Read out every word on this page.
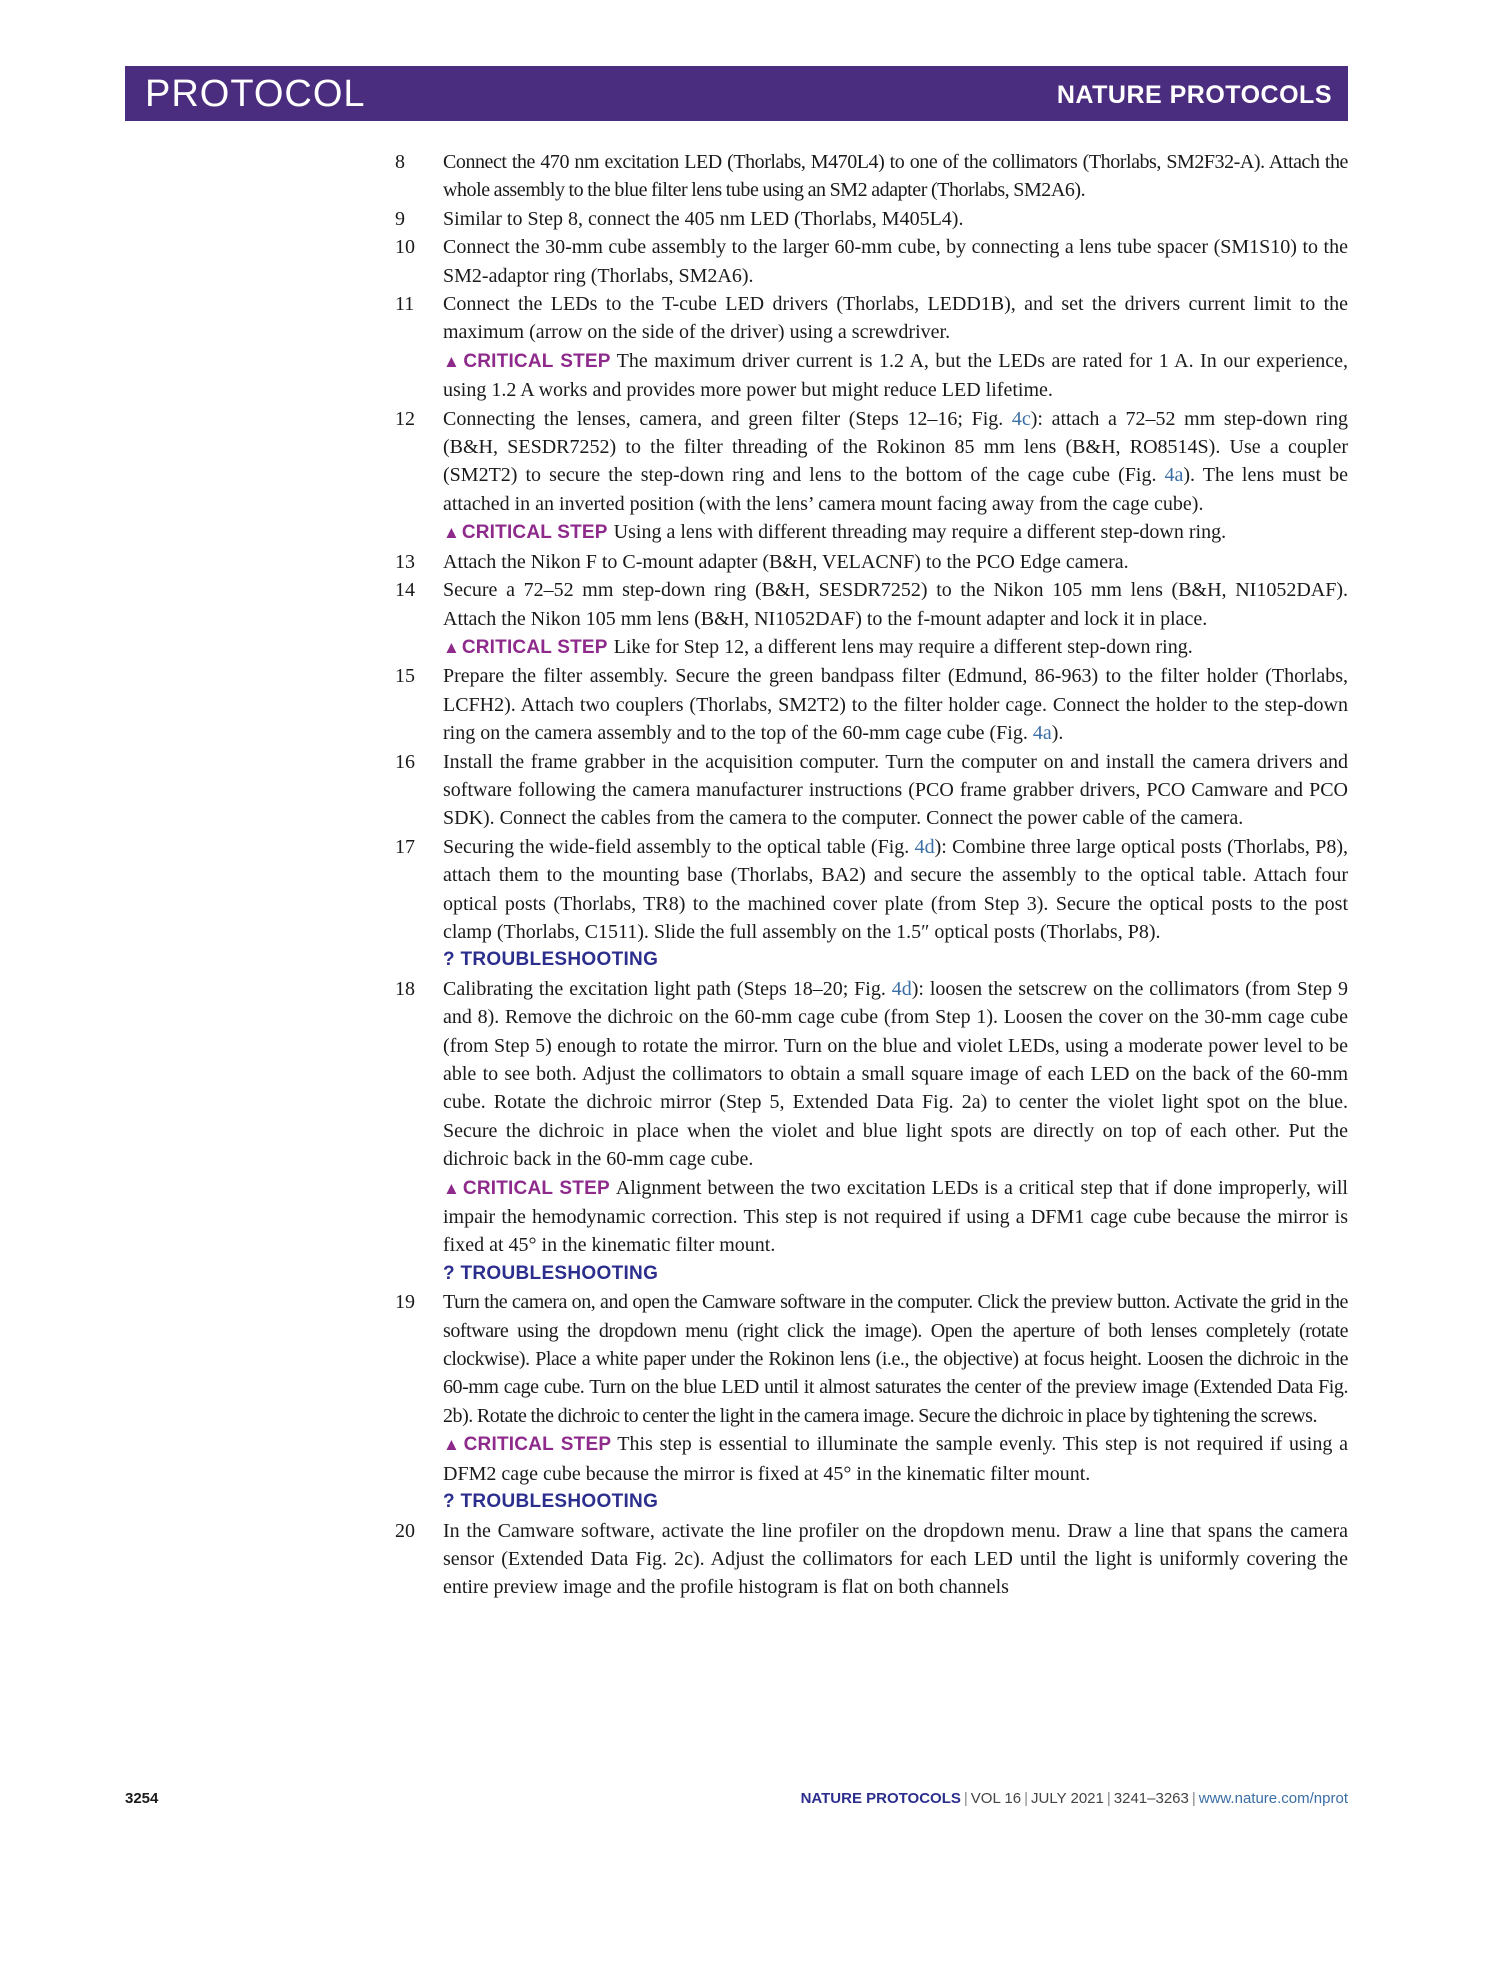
PROTOCOL	NATURE PROTOCOLS
8 Connect the 470 nm excitation LED (Thorlabs, M470L4) to one of the collimators (Thorlabs, SM2F32-A). Attach the whole assembly to the blue filter lens tube using an SM2 adapter (Thorlabs, SM2A6).

9 Similar to Step 8, connect the 405 nm LED (Thorlabs, M405L4).

10 Connect the 30-mm cube assembly to the larger 60-mm cube, by connecting a lens tube spacer (SM1S10) to the SM2-adaptor ring (Thorlabs, SM2A6).

11 Connect the LEDs to the T-cube LED drivers (Thorlabs, LEDD1B), and set the drivers current limit to the maximum (arrow on the side of the driver) using a screwdriver.

▲ CRITICAL STEP The maximum driver current is 1.2 A, but the LEDs are rated for 1 A. In our experience, using 1.2 A works and provides more power but might reduce LED lifetime.

12 Connecting the lenses, camera, and green filter (Steps 12–16; Fig. 4c): attach a 72–52 mm step-down ring (B&H, SESDR7252) to the filter threading of the Rokinon 85 mm lens (B&H, RO8514S). Use a coupler (SM2T2) to secure the step-down ring and lens to the bottom of the cage cube (Fig. 4a). The lens must be attached in an inverted position (with the lens’ camera mount facing away from the cage cube).

▲ CRITICAL STEP Using a lens with different threading may require a different step-down ring.

13 Attach the Nikon F to C-mount adapter (B&H, VELACNF) to the PCO Edge camera.

14 Secure a 72–52 mm step-down ring (B&H, SESDR7252) to the Nikon 105 mm lens (B&H, NI1052DAF). Attach the Nikon 105 mm lens (B&H, NI1052DAF) to the f-mount adapter and lock it in place.

▲ CRITICAL STEP Like for Step 12, a different lens may require a different step-down ring.

15 Prepare the filter assembly. Secure the green bandpass filter (Edmund, 86-963) to the filter holder (Thorlabs, LCFH2). Attach two couplers (Thorlabs, SM2T2) to the filter holder cage. Connect the holder to the step-down ring on the camera assembly and to the top of the 60-mm cage cube (Fig. 4a).

16 Install the frame grabber in the acquisition computer. Turn the computer on and install the camera drivers and software following the camera manufacturer instructions (PCO frame grabber drivers, PCO Camware and PCO SDK). Connect the cables from the camera to the computer. Connect the power cable of the camera.

17 Securing the wide-field assembly to the optical table (Fig. 4d): Combine three large optical posts (Thorlabs, P8), attach them to the mounting base (Thorlabs, BA2) and secure the assembly to the optical table. Attach four optical posts (Thorlabs, TR8) to the machined cover plate (from Step 3). Secure the optical posts to the post clamp (Thorlabs, C1511). Slide the full assembly on the 1.5″ optical posts (Thorlabs, P8).

? TROUBLESHOOTING

18 Calibrating the excitation light path (Steps 18–20; Fig. 4d): loosen the setscrew on the collimators (from Step 9 and 8). Remove the dichroic on the 60-mm cage cube (from Step 1). Loosen the cover on the 30-mm cage cube (from Step 5) enough to rotate the mirror. Turn on the blue and violet LEDs, using a moderate power level to be able to see both. Adjust the collimators to obtain a small square image of each LED on the back of the 60-mm cube. Rotate the dichroic mirror (Step 5, Extended Data Fig. 2a) to center the violet light spot on the blue. Secure the dichroic in place when the violet and blue light spots are directly on top of each other. Put the dichroic back in the 60-mm cage cube.

▲ CRITICAL STEP Alignment between the two excitation LEDs is a critical step that if done improperly, will impair the hemodynamic correction. This step is not required if using a DFM1 cage cube because the mirror is fixed at 45° in the kinematic filter mount.

? TROUBLESHOOTING

19 Turn the camera on, and open the Camware software in the computer. Click the preview button. Activate the grid in the software using the dropdown menu (right click the image). Open the aperture of both lenses completely (rotate clockwise). Place a white paper under the Rokinon lens (i.e., the objective) at focus height. Loosen the dichroic in the 60-mm cage cube. Turn on the blue LED until it almost saturates the center of the preview image (Extended Data Fig. 2b). Rotate the dichroic to center the light in the camera image. Secure the dichroic in place by tightening the screws.

▲ CRITICAL STEP This step is essential to illuminate the sample evenly. This step is not required if using a DFM2 cage cube because the mirror is fixed at 45° in the kinematic filter mount.

? TROUBLESHOOTING

20 In the Camware software, activate the line profiler on the dropdown menu. Draw a line that spans the camera sensor (Extended Data Fig. 2c). Adjust the collimators for each LED until the light is uniformly covering the entire preview image and the profile histogram is flat on both channels

3254	NATURE PROTOCOLS | VOL 16 | JULY 2021 | 3241–3263 | www.nature.com/nprot
